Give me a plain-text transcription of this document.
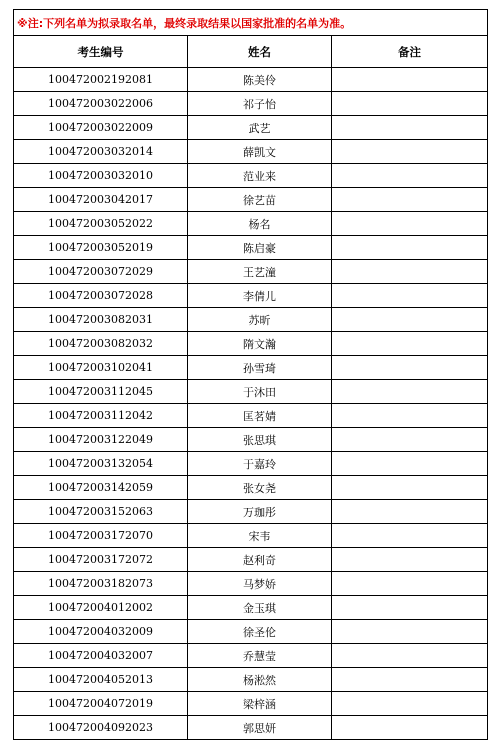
※注:下列名单为拟录取名单，最终录取结果以国家批准的名单为准。		
考生编号	姓名	备注
100472002192081	陈美伶	
100472003022006	祁子怡	
100472003022009	武艺	
100472003032014	薛凯文	
100472003032010	范业来	
100472003042017	徐艺苗	
100472003052022	杨名	
100472003052019	陈启豪	
100472003072029	王艺潼	
100472003072028	李倩儿	
100472003082031	苏昕	
100472003082032	隋文瀚	
100472003102041	孙雪琦	
100472003112045	于沐田	
100472003112042	匡茗婧	
100472003122049	张思琪	
100472003132054	于嘉玲	
100472003142059	张女尧	
100472003152063	万珈彤	
100472003172070	宋韦	
100472003172072	赵利奇	
100472003182073	马梦娇	
100472004012002	金玉琪	
100472004032009	徐圣伦	
100472004032007	乔慧莹	
100472004052013	杨淞然	
100472004072019	梁梓涵	
100472004092023	郭思妍	
